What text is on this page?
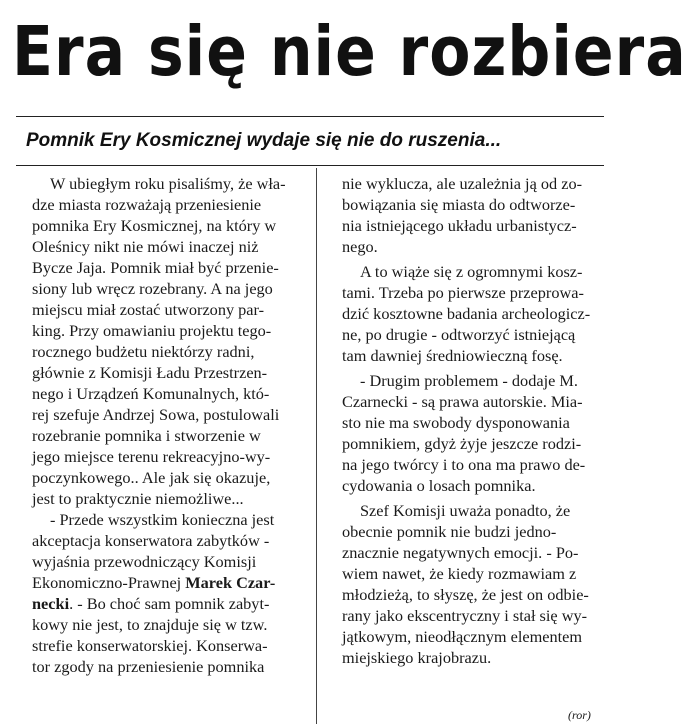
Era się nie rozbiera
Pomnik Ery Kosmicznej wydaje się nie do ruszenia...
W ubiegłym roku pisaliśmy, że wła-
dze miasta rozważają przeniesienie
pomnika Ery Kosmicznej, na który w
Oleśnicy nikt nie mówi inaczej niż
Bycze Jaja. Pomnik miał być przenie-
siony lub wręcz rozebrany. A na jego
miejscu miał zostać utworzony par-
king. Przy omawianiu projektu tego-
rocznego budżetu niektórzy radni,
głównie z Komisji Ładu Przestrzen-
nego i Urządzeń Komunalnych, któ-
rej szefuje Andrzej Sowa, postulowali
rozebranie pomnika i stworzenie w
jego miejsce terenu rekreacyjno-wy-
poczynkowego.. Ale jak się okazuje,
jest to praktycznie niemożliwe...
- Przede wszystkim konieczna jest
akceptacja konserwatora zabytków -
wyjaśnia przewodniczący Komisji
Ekonomiczno-Prawnej Marek Czar-
necki. - Bo choć sam pomnik zabyt-
kowy nie jest, to znajduje się w tzw.
strefie konserwatorskiej. Konserwa-
tor zgody na przeniesienie pomnika
nie wyklucza, ale uzależnia ją od zo-
bowiązania się miasta do odtworze-
nia istniejącego układu urbanistycz-
nego.
A to wiąże się z ogromnymi kosz-
tami. Trzeba po pierwsze przeprowa-
dzić kosztowne badania archeologicz-
ne, po drugie - odtworzyć istniejącą
tam dawniej średniowieczną fosę.
- Drugim problemem - dodaje M.
Czarnecki - są prawa autorskie. Mia-
sto nie ma swobody dysponowania
pomnikiem, gdyż żyje jeszcze rodzi-
na jego twórcy i to ona ma prawo de-
cydowania o losach pomnika.
Szef Komisji uważa ponadto, że
obecnie pomnik nie budzi jedno-
znacznie negatywnych emocji. - Po-
wiem nawet, że kiedy rozmawiam z
młodzieżą, to słyszę, że jest on odbie-
rany jako ekscentryczny i stał się wy-
jątkowym, nieodłącznym elementem
miejskiego krajobrazu.
(ror)
